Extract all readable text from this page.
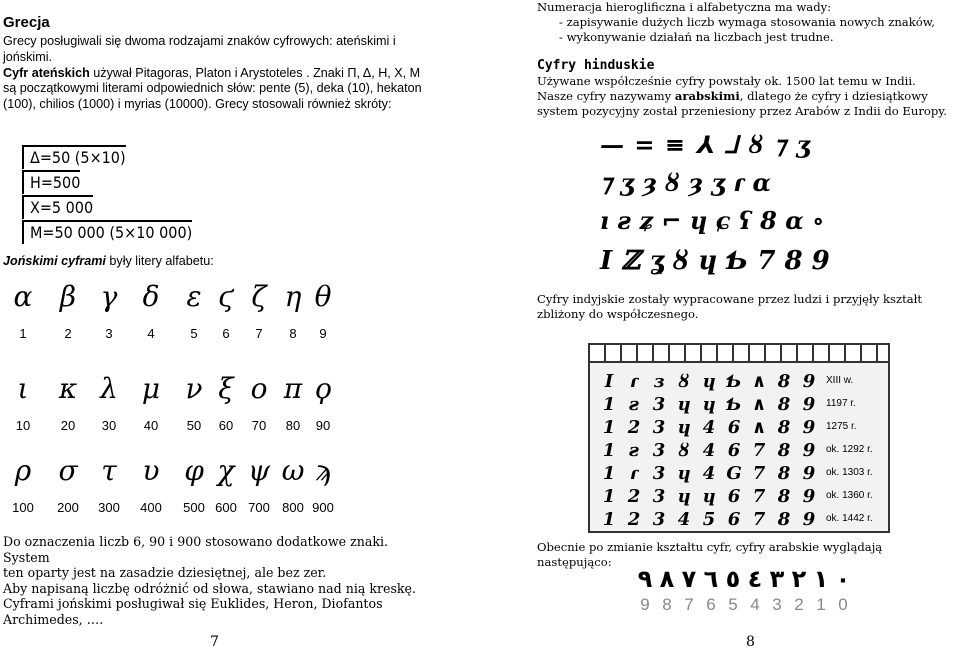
Grecja
Grecy posługiwali się dwoma rodzajami znaków cyfrowych: ateńskimi i jońskimi.
Cyfr ateńskich używał Pitagoras, Platon i Arystoteles . Znaki Π, Δ, H, X, M są początkowymi literami odpowiednich słów: pente (5), deka (10), hekaton (100), chilios (1000) i myrias (10000). Grecy stosowali również skróty:
Δ=50 (5×10)
H=500
X=5 000
M=50 000 (5×10 000)
Jońskimi cyframi były litery alfabetu:
α β γ δ ε ϛ ζ η θ
1	2	3	4	5	6	7	8	9
ι	κ λ μ ν ξ ο π ϙ
10	20	30	40	50	60	70	80	90
ρ σ τ υ φ χ ψ ω ϡ
100	200	300	400	500 600 700 800 900
Do oznaczenia liczb 6, 90 i 900 stosowano dodatkowe znaki. System
ten oparty jest na zasadzie dziesiętnej, ale bez zer.
Aby napisaną liczbę odróżnić od słowa, stawiano nad nią kreskę.
Cyframi jońskimi posługiwał się Euklides, Heron, Diofantos
Archimedes, ….
7
Numeracja hieroglificzna i alfabetyczna ma wady:
- zapisywanie dużych liczb wymaga stosowania nowych znaków,
- wykonywanie działań na liczbach jest trudne.
Cyfry hinduskie
Używane współcześnie cyfry powstały ok. 1500 lat temu w Indii.
Nasze cyfry nazywamy arabskimi, dlatego że cyfry i dziesiątkowy
system pozycyjny został przeniesiony przez Arabów z Indii do Europy.
— = ≡ ⅄ ᒧ ȣ ⁊ ʒ
⁊ ʒ ȝ ȣ ȝ ʒ ɾ ɑ
ı ƨ ʑ ⌐ ɥ ɕ ʕ 8 ɑ ∘
I ℤ ʓ ȣ ɥ Ƅ 7 8 9
Cyfry indyjskie zostały wypracowane przez ludzi i przyjęły kształt zbliżony do współczesnego.
I ɾ ɜ ȣ ɥ Ƅ ∧ 8 9	XIII w.
1 ƨ 3 ɥ ɥ Ƅ ∧ 8 9	1197 r.
1 2 3 ɥ 4 6 ∧ 8 9	1275 r.
1 ƨ 3 ȣ 4 6 7 8 9	ok. 1292 r.
1 ɾ 3 ɥ 4 G 7 8 9	ok. 1303 r.
1 2 3 ɥ ɥ 6 7 8 9	ok. 1360 r.
1 2 3 4 5 6 7 8 9	ok. 1442 r.
Obecnie po zmianie kształtu cyfr, cyfry arabskie wyglądają następująco:
٩ ٨ ٧ ٦ ٥ ٤ ٣ ٢ ١ ٠
9 8 7 6 5 4 3 2 1 0
8
